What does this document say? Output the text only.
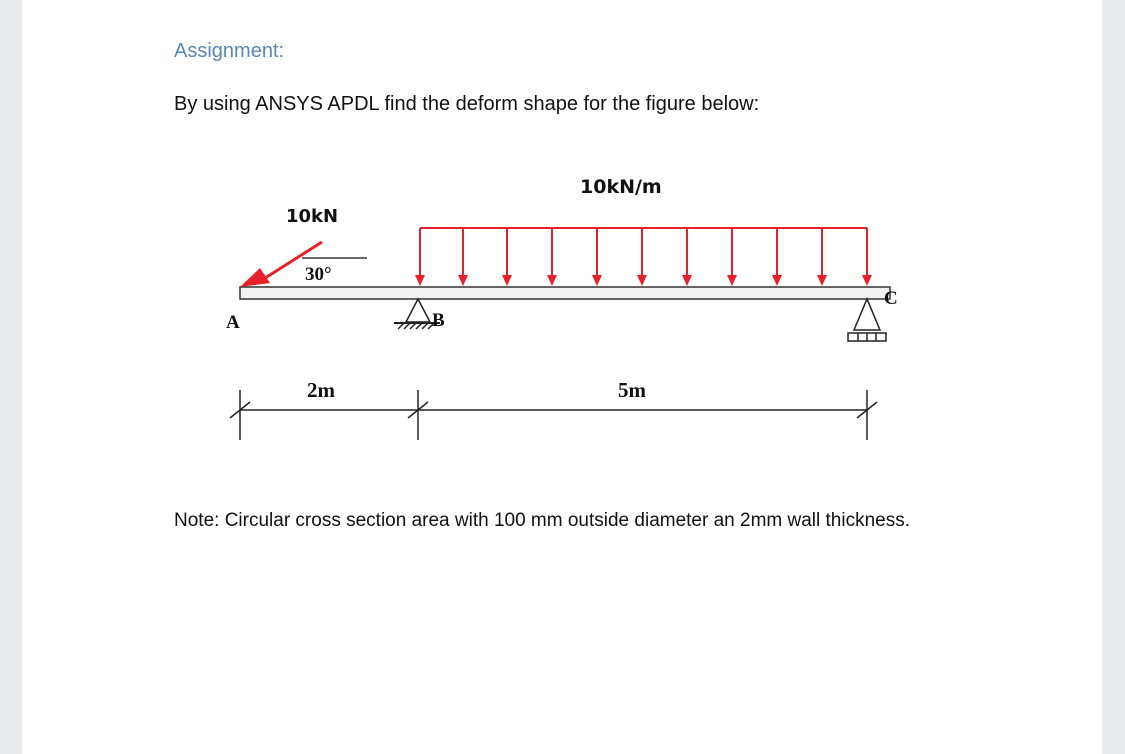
Assignment:
By using ANSYS APDL find the deform shape for the figure below:
10kN/m
10kN
30°
A	B
C
2m	5m
Note: Circular cross section area with 100 mm outside diameter an 2mm wall thickness.
